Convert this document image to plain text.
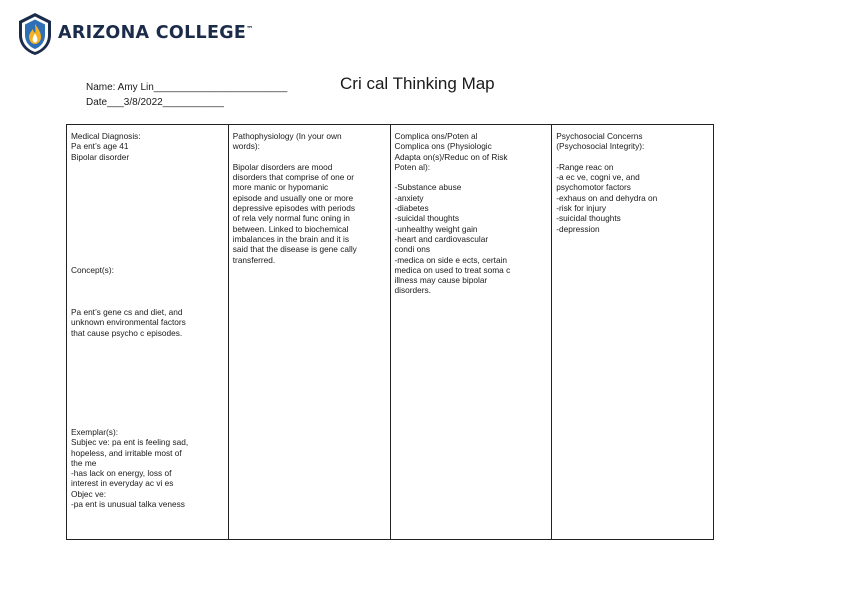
ARIZONA COLLEGE™
Name: Amy Lin________________________
Date___3/8/2022___________
Cri cal Thinking Map
Medical Diagnosis:
Pa ent’s age 41
Bipolar disorder
Concept(s):
Pa ent’s gene cs and diet, and
unknown environmental factors
that cause psycho c episodes.
Exemplar(s):
Subjec ve: pa ent is feeling sad,
hopeless, and irritable most of
the me
-has lack on energy, loss of
interest in everyday ac vi es
Objec ve:
-pa ent is unusual talka veness

Pathophysiology (In your own
words):
Bipolar disorders are mood
disorders that comprise of one or
more manic or hypomanic
episode and usually one or more
depressive episodes with periods
of rela vely normal func oning in
between. Linked to biochemical
imbalances in the brain and it is
said that the disease is gene cally
transferred.

Complica ons/Poten al
Complica ons (Physiologic
Adapta on(s)/Reduc on of Risk
Poten al):
-Substance abuse
-anxiety
-diabetes
-suicidal thoughts
-unhealthy weight gain
-heart and cardiovascular
condi ons
-medica on side e ects, certain
medica on used to treat soma c
illness may cause bipolar
disorders.

Psychosocial Concerns
(Psychosocial Integrity):
-Range reac on
-a ec ve, cogni ve, and
psychomotor factors
-exhaus on and dehydra on
-risk for injury
-suicidal thoughts
-depression
